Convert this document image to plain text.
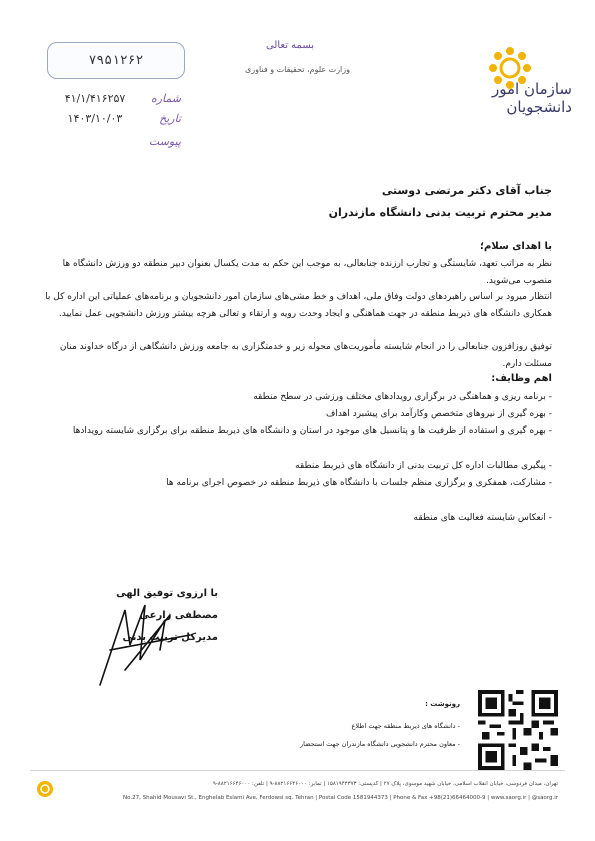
سازمان امور
دانشجویان
بسمه تعالی
وزارت علوم، تحقیقات و فناوری
۷۹۵۱۲۶۲
شماره
۴۱/۱/۴۱۶۲۵۷
تاریخ
۱۴۰۳/۱۰/۰۳
پیوست
جناب آقای دکتر مرتضی دوستی
مدیر محترم تربیت بدنی دانشگاه مازندران
با اهدای سلام؛
نظر به مراتب تعهد، شایستگی و تجارب ارزنده جنابعالی، به موجب این حکم به مدت یکسال بعنوان دبیر منطقه دو ورزش دانشگاه ها منصوب می‌شوید.
انتظار میرود بر اساس راهبردهای دولت وفاق ملی، اهداف و خط مشی‌های سازمان امور دانشجویان و برنامه‌های عملیاتی این اداره کل با همکاری دانشگاه های ذیربط منطقه در جهت هماهنگی و ایجاد وحدت رویه و ارتقاء و تعالی هرچه بیشتر ورزش دانشجویی عمل نمایید.
توفیق روزافزون جنابعالی را در انجام شایسته مأموریت‌های محوله زیر و خدمتگزاری به جامعه ورزش دانشگاهی از درگاه خداوند منان مسئلت دارم.
اهم وظایف:
- برنامه ریزی و هماهنگی در برگزاری رویدادهای مختلف ورزشی در سطح منطقه
- بهره گیری از نیروهای متخصص وکارآمد برای پیشبرد اهداف
- بهره گیری و استفاده از ظرفیت ها و پتانسیل های موجود در استان و دانشگاه های ذیربط منطقه برای برگزاری شایسته رویدادها
- پیگیری مطالبات اداره کل تربیت بدنی از دانشگاه های ذیربط منطقه
- مشارکت، همفکری و برگزاری منظم جلسات با دانشگاه های ذیربط منطقه در خصوص اجرای برنامه ها
- انعکاس شایسته فعالیت های منطقه
با ارزوی توفیق الهی
مصطفی زارعی
مدیرکل تربیت بدنی
رونوشت :
- دانشگاه های ذیربط منطقه جهت اطلاع
- معاون محترم دانشجویی دانشگاه مازندران جهت استحضار
تهران، میدان فردوسی، خیابان انقلاب اسلامی، خیابان شهید موسوی، پلاک ۲۷ | کدپستی: ۱۵۸۱۹۴۴۳۷۳ | تمابر: ۸۸۲۱۶۶۴۶۰۰۰-۹ | تلفن: ۸۸۲۱۶۶۴۶۰۰۰-۹
No.27, Shahid Mousavi St., Enghelab Eslami Ave, Ferdowsi sq. Tehran | Postal Code 1581944373 | Phone & Fax +98(21)66464000-9 | www.saorg.ir | @saorg.ir
